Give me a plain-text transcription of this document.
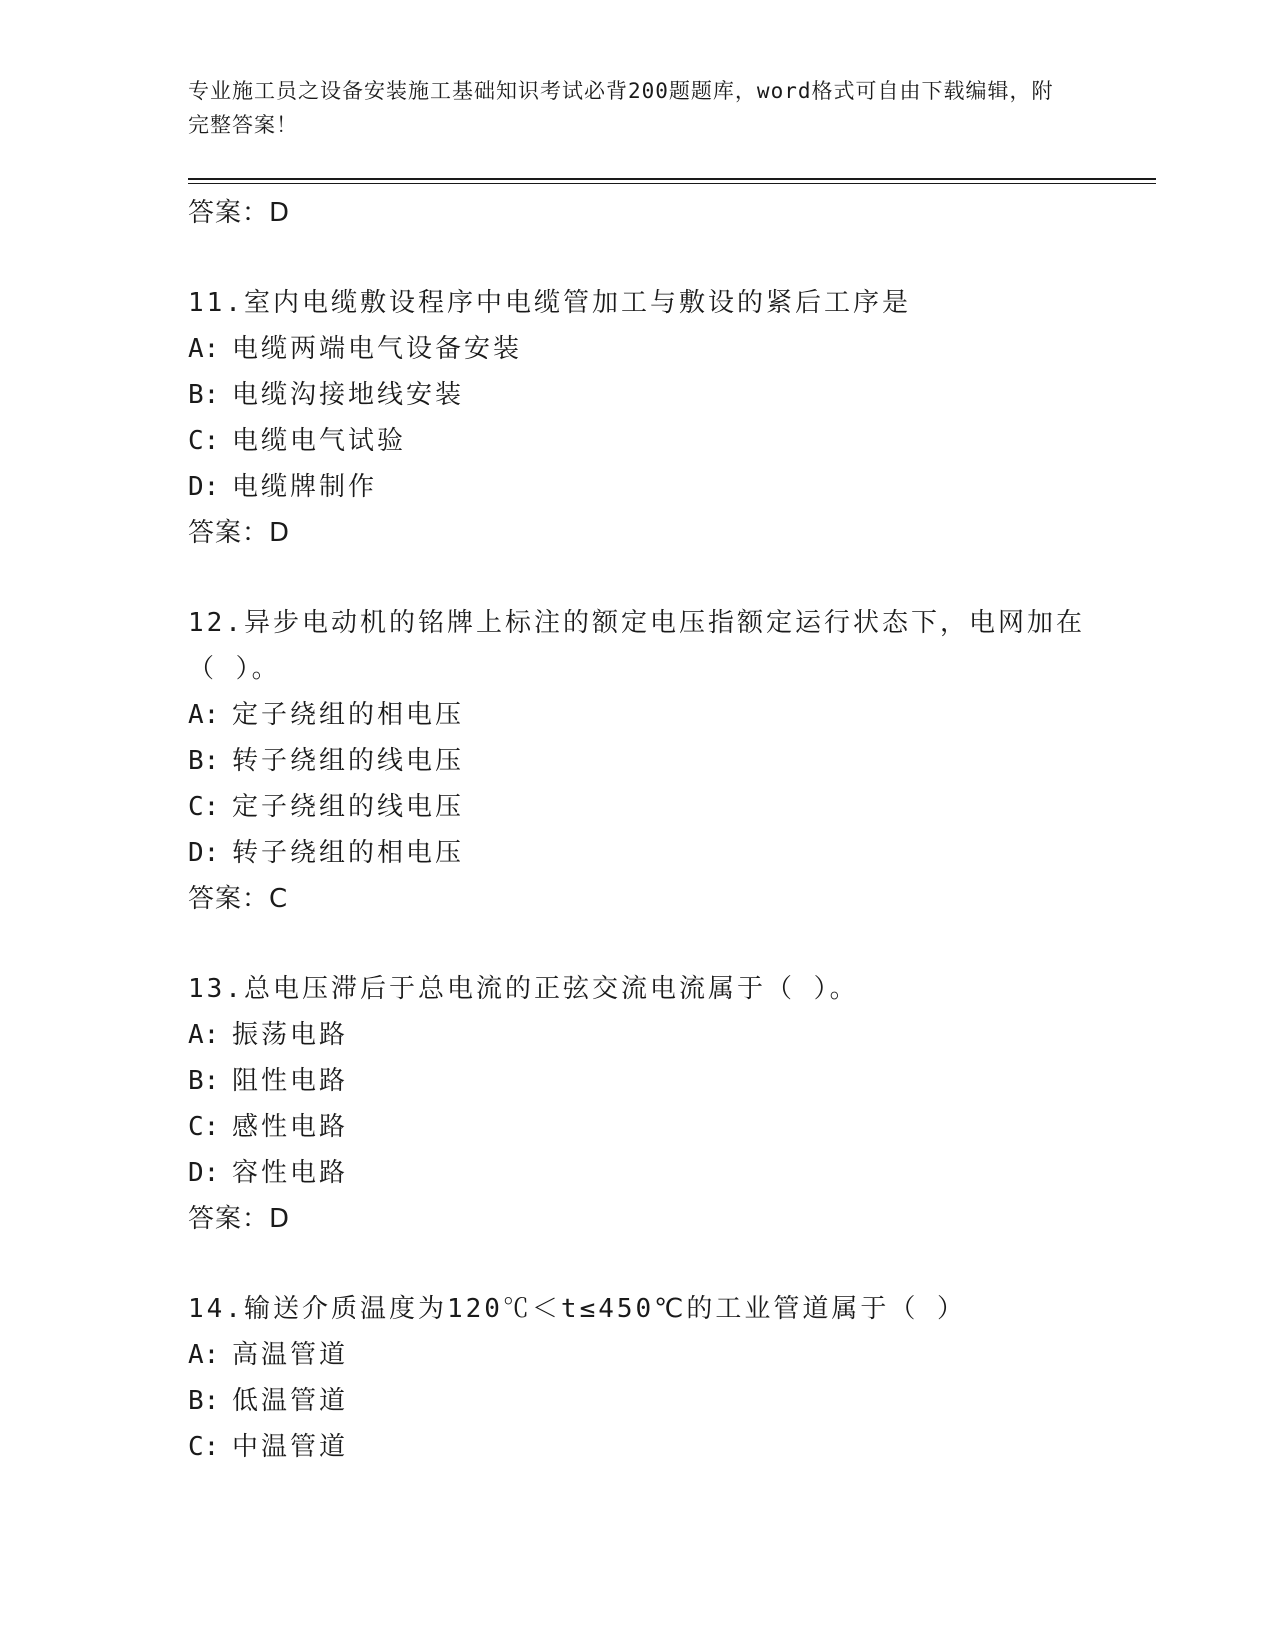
专业施工员之设备安装施工基础知识考试必背200题题库，word格式可自由下载编辑，附完整答案！
答案：D
11.室内电缆敷设程序中电缆管加工与敷设的紧后工序是
A: 电缆两端电气设备安装
B: 电缆沟接地线安装
C: 电缆电气试验
D: 电缆牌制作
答案：D
12.异步电动机的铭牌上标注的额定电压指额定运行状态下，电网加在（ ）。
A: 定子绕组的相电压
B: 转子绕组的线电压
C: 定子绕组的线电压
D: 转子绕组的相电压
答案：C
13.总电压滞后于总电流的正弦交流电流属于（ ）。
A: 振荡电路
B: 阻性电路
C: 感性电路
D: 容性电路
答案：D
14.输送介质温度为120℃＜t≤450℃的工业管道属于（ ）
A: 高温管道
B: 低温管道
C: 中温管道
